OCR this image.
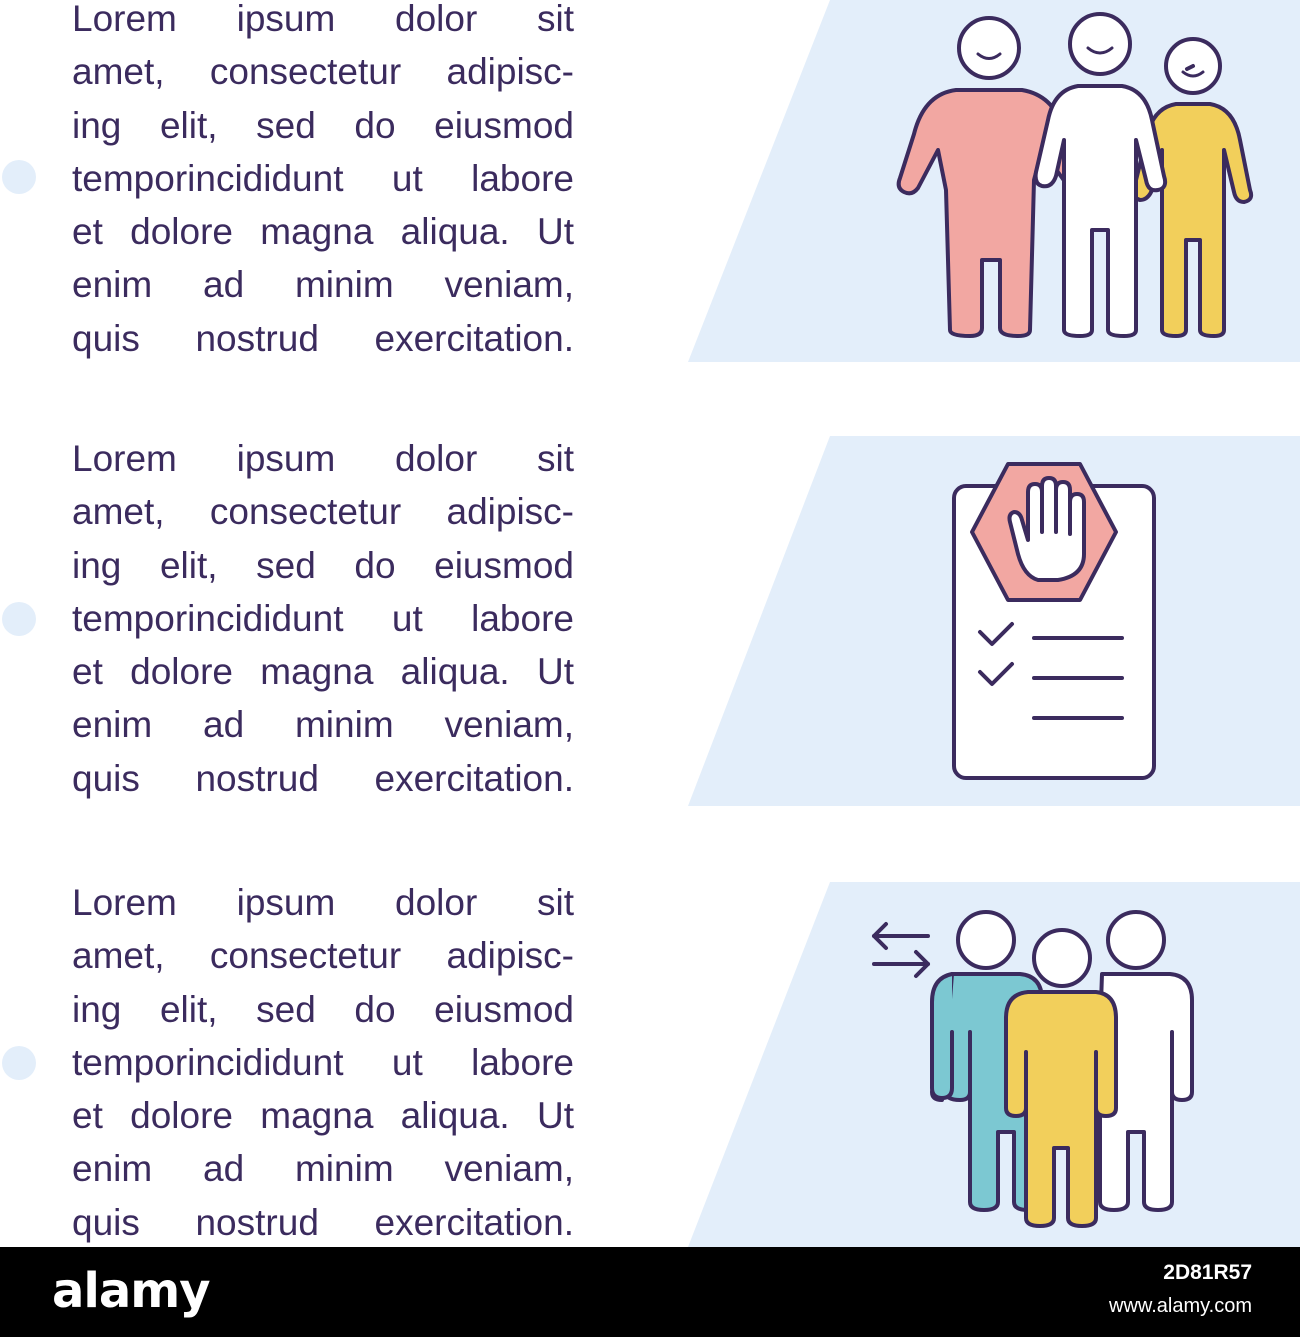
Lorem ipsum dolor sit
amet, consectetur adipisc-
ing elit, sed do eiusmod
temporincididunt ut labore
et dolore magna aliqua. Ut
enim ad minim veniam,
quis nostrud exercitation.

Lorem ipsum dolor sit
amet, consectetur adipisc-
ing elit, sed do eiusmod
temporincididunt ut labore
et dolore magna aliqua. Ut
enim ad minim veniam,
quis nostrud exercitation.

Lorem ipsum dolor sit
amet, consectetur adipisc-
ing elit, sed do eiusmod
temporincididunt ut labore
et dolore magna aliqua. Ut
enim ad minim veniam,
quis nostrud exercitation.

alamy	2D81R57
www.alamy.com
